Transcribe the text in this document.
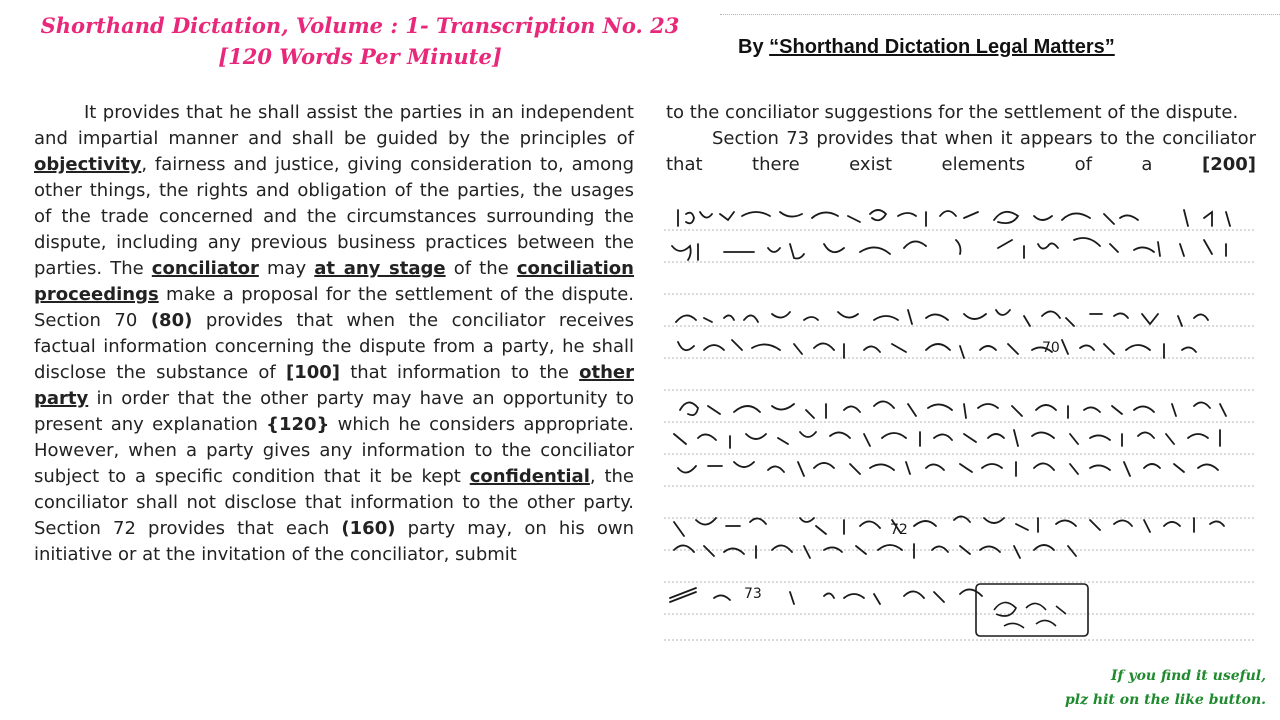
Shorthand Dictation, Volume : 1- Transcription No. 23
[120 Words Per Minute]	By “Shorthand Dictation Legal Matters”

It provides that he shall assist the parties in an independent and impartial manner and shall be guided by the principles of objectivity, fairness and justice, giving consideration to, among other things, the rights and obligation of the parties, the usages of the trade concerned and the circumstances surrounding the dispute, including any previous business practices between the parties. The conciliator may at any stage of the conciliation proceedings make a proposal for the settlement of the dispute. Section 70 (80) provides that when the conciliator receives factual information concerning the dispute from a party, he shall disclose the substance of [100] that information to the other party in order that the other party may have an opportunity to present any explanation {120} which he considers appropriate. However, when a party gives any information to the conciliator subject to a specific condition that it be kept confidential, the conciliator shall not disclose that information to the other party. Section 72 provides that each (160) party may, on his own initiative or at the invitation of the conciliator, submit

to the conciliator suggestions for the settlement of the dispute.

Section 73 provides that when it appears to the conciliator that there exist elements of a [200]

70
72
73
If you find it useful,
plz hit on the like button.
